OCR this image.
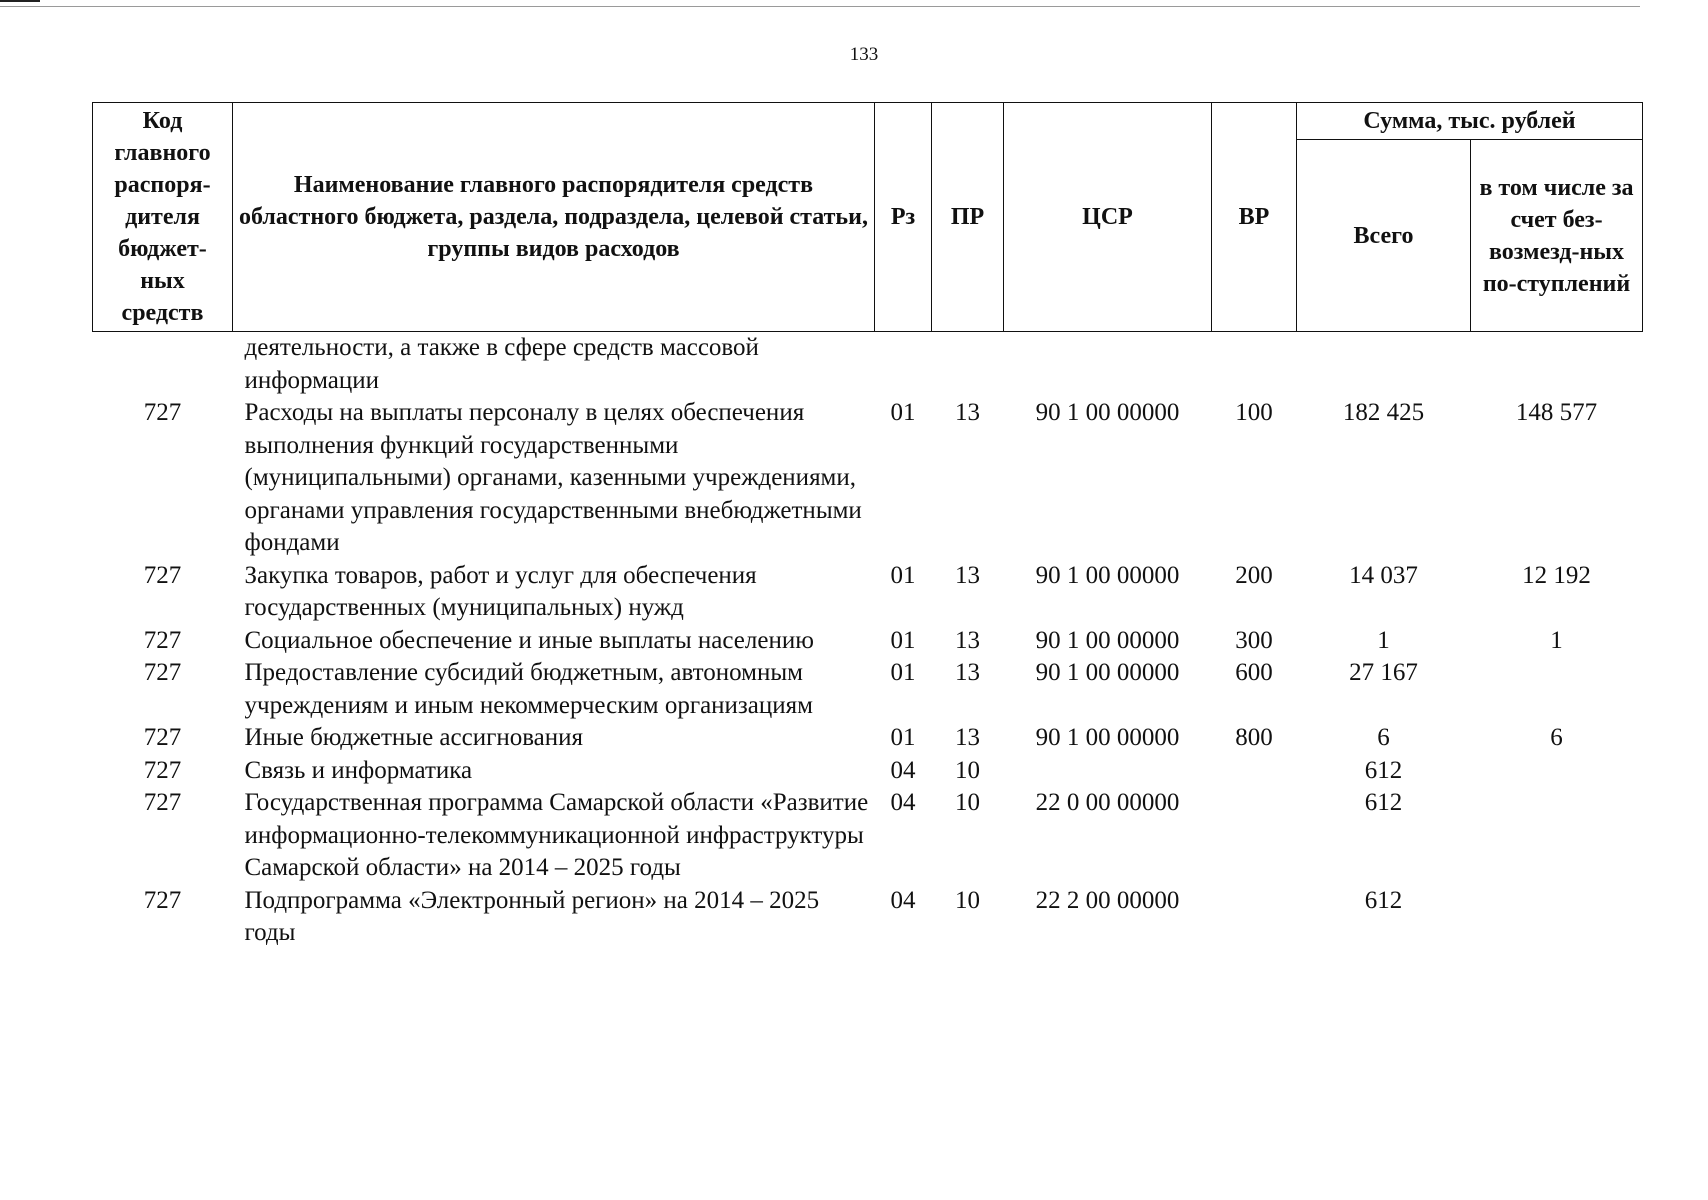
133
Код главного распоря-дителя бюджет-ных средств	Наименование главного распорядителя средств областного бюджета, раздела, подраздела, целевой статьи, группы видов расходов	Рз	ПР	ЦСР	ВР	Сумма, тыс. рублей	
						Всего	в том числе за счет без-возмезд-ных по-ступлений
	деятельности, а также в сфере средств массовой информации						
727	Расходы на выплаты персоналу в целях обеспечения выполнения функций государственными (муниципальными) органами, казенными учреждениями, органами управления государственными внебюджетными фондами	01	13	90 1 00 00000	100	182 425	148 577
727	Закупка товаров, работ и услуг для обеспечения государственных (муниципальных) нужд	01	13	90 1 00 00000	200	14 037	12 192
727	Социальное обеспечение и иные выплаты населению	01	13	90 1 00 00000	300	1	1
727	Предоставление субсидий бюджетным, автономным учреждениям и иным некоммерческим организациям	01	13	90 1 00 00000	600	27 167	
727	Иные бюджетные ассигнования	01	13	90 1 00 00000	800	6	6
727	Связь и информатика	04	10			612	
727	Государственная программа Самарской области «Развитие информационно-телекоммуникационной инфраструктуры Самарской области» на 2014 – 2025 годы	04	10	22 0 00 00000		612	
727	Подпрограмма «Электронный регион» на 2014 – 2025 годы	04	10	22 2 00 00000		612	
